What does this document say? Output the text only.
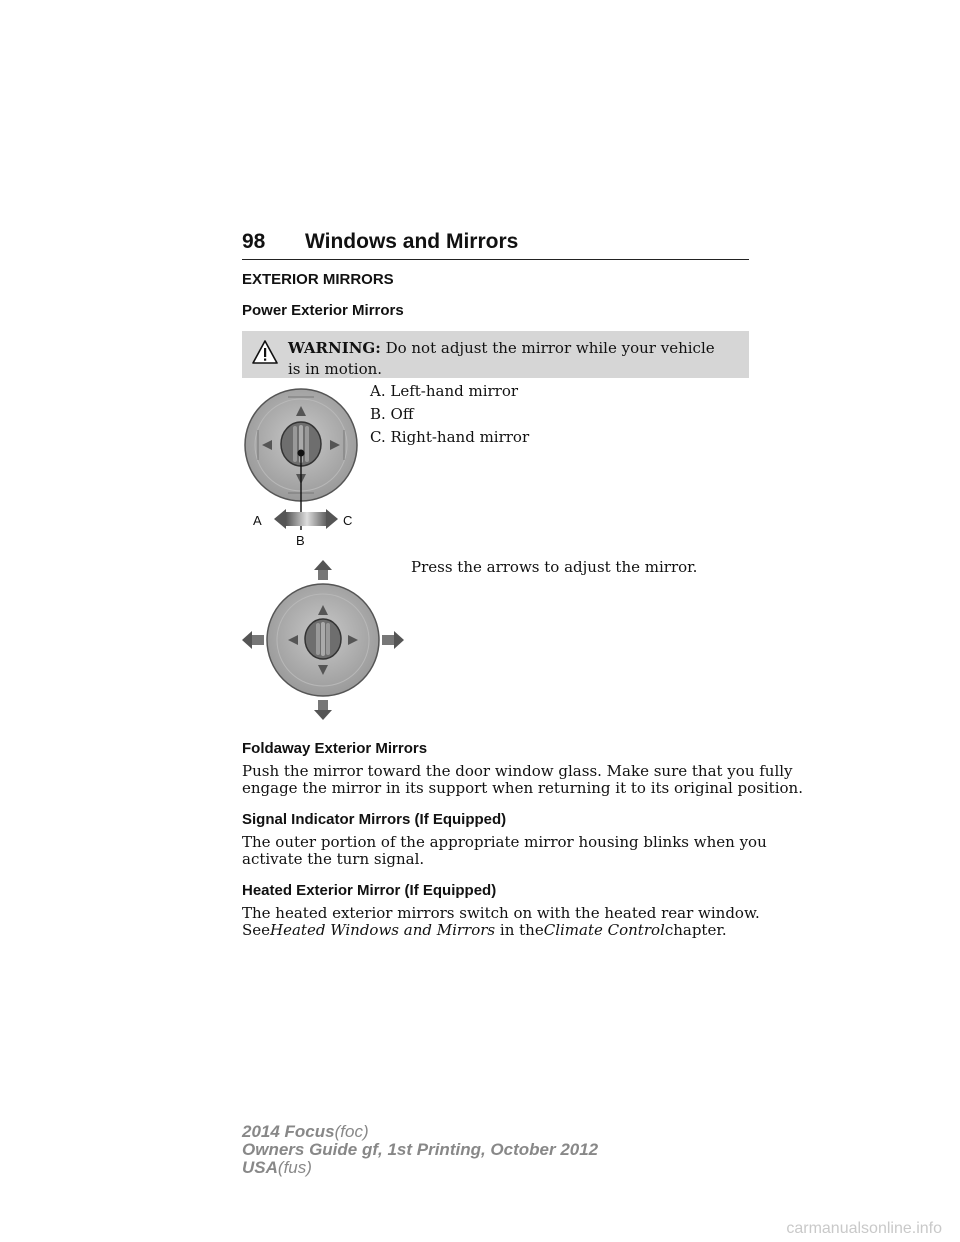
98 Windows and Mirrors
EXTERIOR MIRRORS
Power Exterior Mirrors
WARNING: Do not adjust the mirror while your vehicle is in motion.
A. Left-hand mirror
B. Off
C. Right-hand mirror
A
B
C
Press the arrows to adjust the mirror.
Foldaway Exterior Mirrors
Push the mirror toward the door window glass. Make sure that you fully
engage the mirror in its support when returning it to its original position.
Signal Indicator Mirrors (If Equipped)
The outer portion of the appropriate mirror housing blinks when you
activate the turn signal.
Heated Exterior Mirror (If Equipped)
The heated exterior mirrors switch on with the heated rear window.
SeeHeated Windows and Mirrors in theClimate Controlchapter.
2014 Focus(foc)
Owners Guide gf, 1st Printing, October 2012
USA(fus)
carmanualsonline.info
